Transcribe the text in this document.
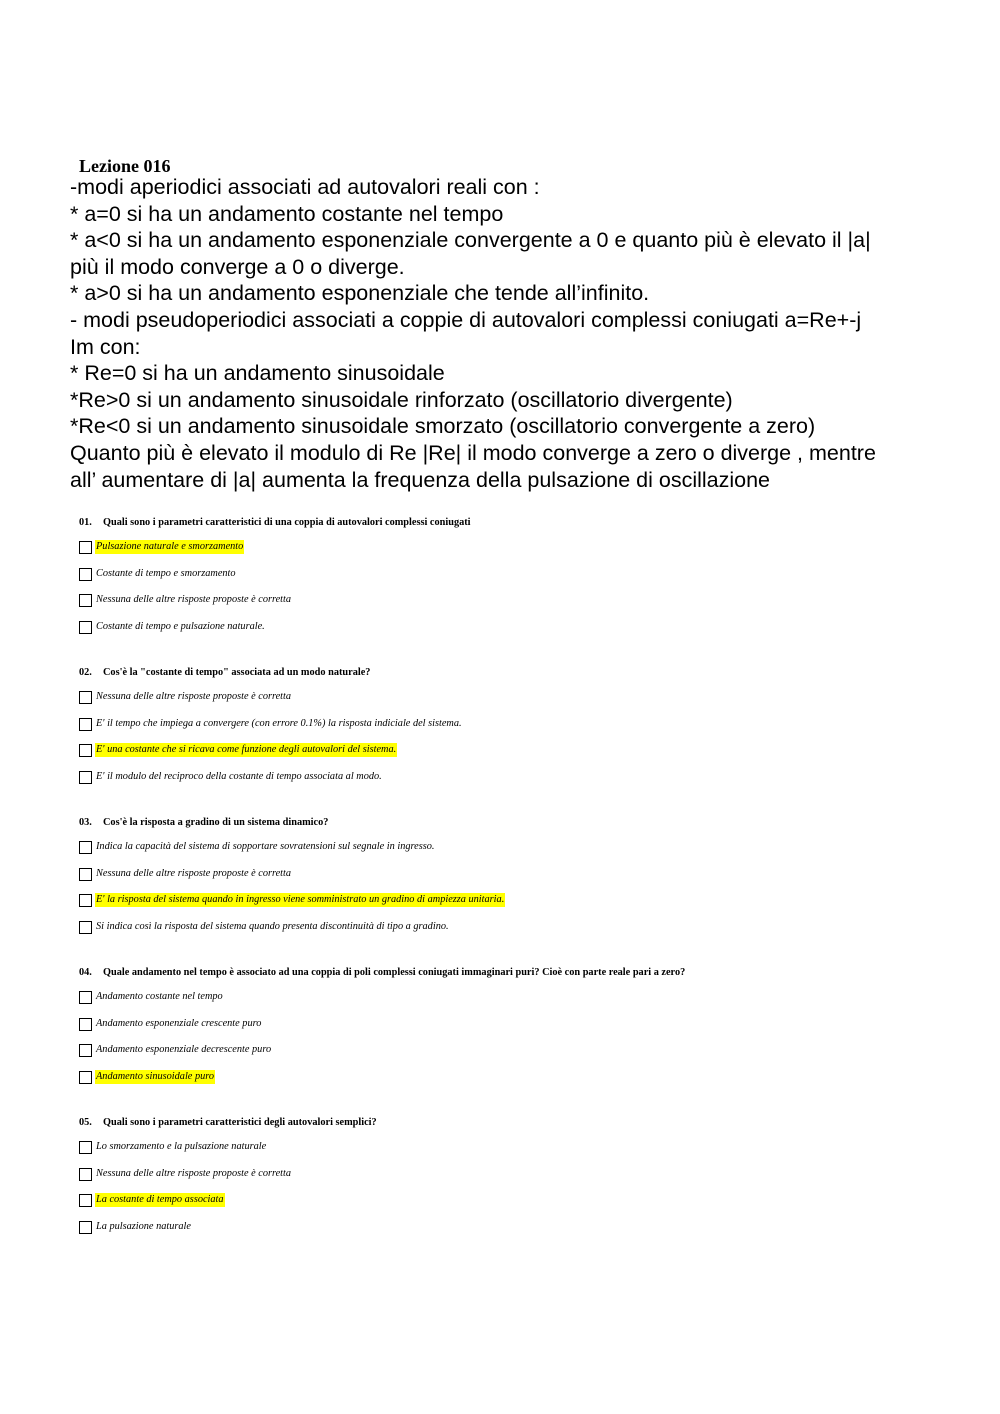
Lezione 016
-modi aperiodici associati ad autovalori reali con :
* a=0 si ha un andamento costante nel tempo
* a<0 si ha un andamento esponenziale convergente a 0 e quanto più è elevato il |a|
più il modo converge a 0 o diverge.
* a>0 si ha un andamento esponenziale che tende all’infinito.
- modi pseudoperiodici associati a coppie di autovalori complessi coniugati a=Re+-j
Im con:
* Re=0 si ha un andamento sinusoidale
*Re>0 si un andamento sinusoidale rinforzato (oscillatorio divergente)
*Re<0 si un andamento sinusoidale smorzato (oscillatorio convergente a zero)
Quanto più è elevato il modulo di Re |Re| il modo converge a zero o diverge , mentre
all’ aumentare di |a| aumenta la frequenza della pulsazione di oscillazione
01. Quali sono i parametri caratteristici di una coppia di autovalori complessi coniugati
Pulsazione naturale e smorzamento
Costante di tempo e smorzamento
Nessuna delle altre risposte proposte è corretta
Costante di tempo e pulsazione naturale.
02. Cos'è la "costante di tempo" associata ad un modo naturale?
Nessuna delle altre risposte proposte è corretta
E' il tempo che impiega a convergere (con errore 0.1%) la risposta indiciale del sistema.
E' una costante che si ricava come funzione degli autovalori del sistema.
E' il modulo del reciproco della costante di tempo associata al modo.
03. Cos'è la risposta a gradino di un sistema dinamico?
Indica la capacità del sistema di sopportare sovratensioni sul segnale in ingresso.
Nessuna delle altre risposte proposte è corretta
E' la risposta del sistema quando in ingresso viene somministrato un gradino di ampiezza unitaria.
Si indica così la risposta del sistema quando presenta discontinuità di tipo a gradino.
04. Quale andamento nel tempo è associato ad una coppia di poli complessi coniugati immaginari puri? Cioè con parte reale pari a zero?
Andamento costante nel tempo
Andamento esponenziale crescente puro
Andamento esponenziale decrescente puro
Andamento sinusoidale puro
05. Quali sono i parametri caratteristici degli autovalori semplici?
Lo smorzamento e la pulsazione naturale
Nessuna delle altre risposte proposte è corretta
La costante di tempo associata
La pulsazione naturale
